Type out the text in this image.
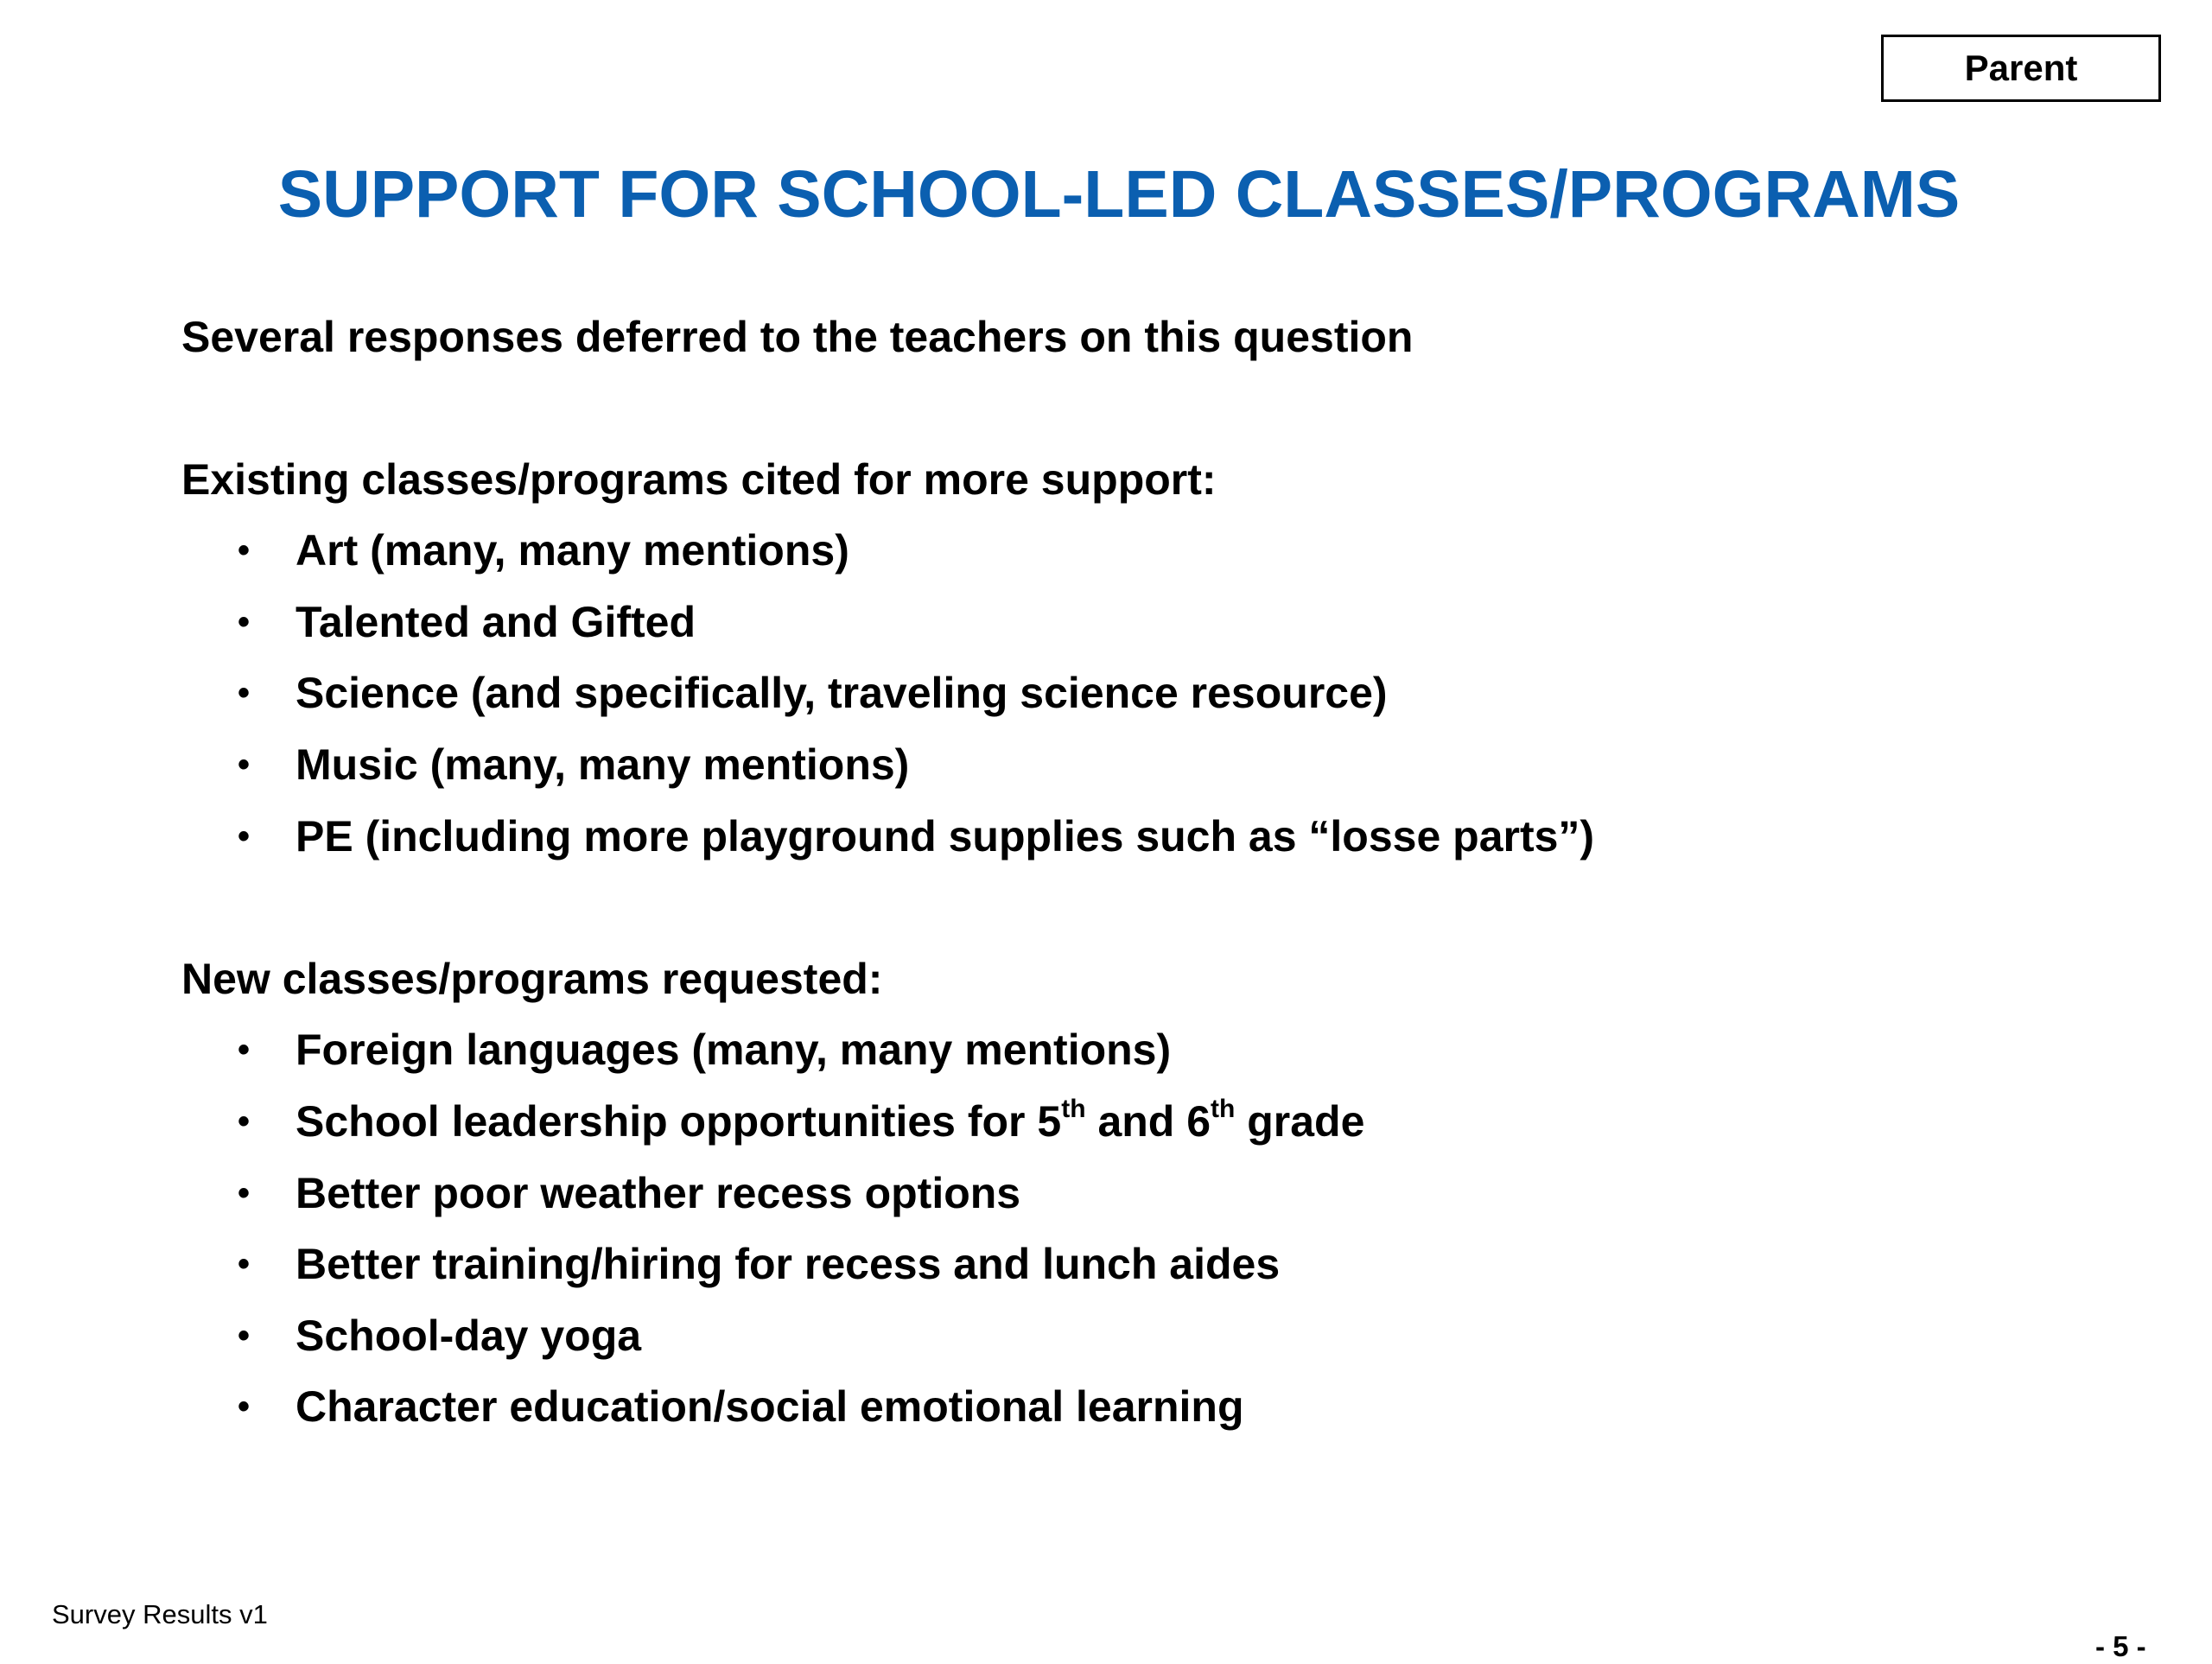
Parent
SUPPORT FOR SCHOOL-LED CLASSES/PROGRAMS
Several responses deferred to the teachers on this question
Existing classes/programs cited for more support:
• Art (many, many mentions)
• Talented and Gifted
• Science (and specifically, traveling science resource)
• Music (many, many mentions)
• PE (including more playground supplies such as “losse parts”)
New classes/programs requested:
• Foreign languages (many, many mentions)
• School leadership opportunities for 5th and 6th grade
• Better poor weather recess options
• Better training/hiring for recess and lunch aides
• School-day yoga
• Character education/social emotional learning
Survey Results v1
- 5 -
